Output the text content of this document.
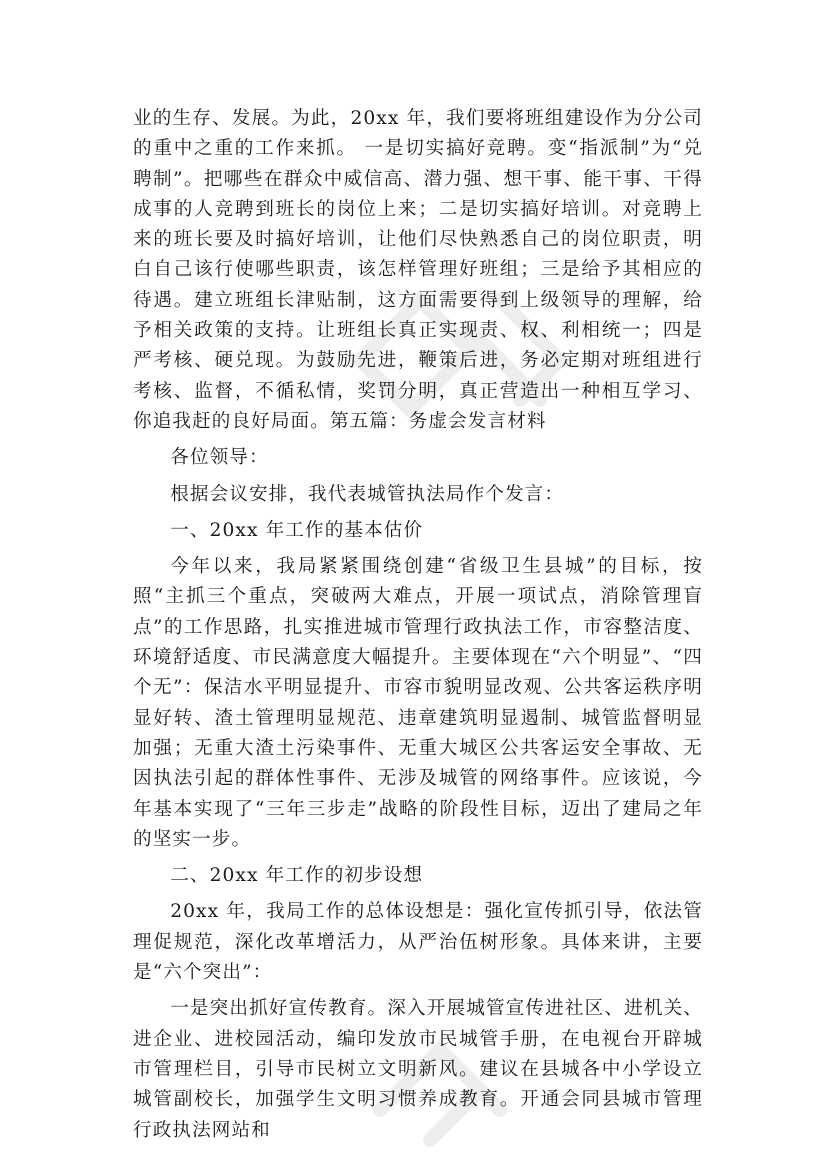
业的生存、发展。为此，20xx 年，我们要将班组建设作为分公司的重中之重的工作来抓。 一是切实搞好竞聘。变“指派制”为“兑聘制”。把哪些在群众中威信高、潜力强、想干事、能干事、干得成事的人竞聘到班长的岗位上来；二是切实搞好培训。对竞聘上来的班长要及时搞好培训，让他们尽快熟悉自己的岗位职责，明白自己该行使哪些职责，该怎样管理好班组；三是给予其相应的待遇。建立班组长津贴制，这方面需要得到上级领导的理解，给予相关政策的支持。让班组长真正实现责、权、利相统一；四是严考核、硬兑现。为鼓励先进，鞭策后进，务必定期对班组进行考核、监督，不循私情，奖罚分明，真正营造出一种相互学习、你追我赶的良好局面。第五篇：务虚会发言材料

各位领导：

根据会议安排，我代表城管执法局作个发言：

一、20xx 年工作的基本估价

今年以来，我局紧紧围绕创建“省级卫生县城”的目标，按照“主抓三个重点，突破两大难点，开展一项试点，消除管理盲点”的工作思路，扎实推进城市管理行政执法工作，市容整洁度、环境舒适度、市民满意度大幅提升。主要体现在“六个明显”、“四个无”：保洁水平明显提升、市容市貌明显改观、公共客运秩序明显好转、渣土管理明显规范、违章建筑明显遏制、城管监督明显加强；无重大渣土污染事件、无重大城区公共客运安全事故、无因执法引起的群体性事件、无涉及城管的网络事件。应该说，今年基本实现了“三年三步走”战略的阶段性目标，迈出了建局之年的坚实一步。

二、20xx 年工作的初步设想

20xx 年，我局工作的总体设想是：强化宣传抓引导，依法管理促规范，深化改革增活力，从严治伍树形象。具体来讲，主要是“六个突出”：

一是突出抓好宣传教育。深入开展城管宣传进社区、进机关、进企业、进校园活动，编印发放市民城管手册，在电视台开辟城市管理栏目，引导市民树立文明新风。建议在县城各中小学设立城管副校长，加强学生文明习惯养成教育。开通会同县城市管理行政执法网站和
